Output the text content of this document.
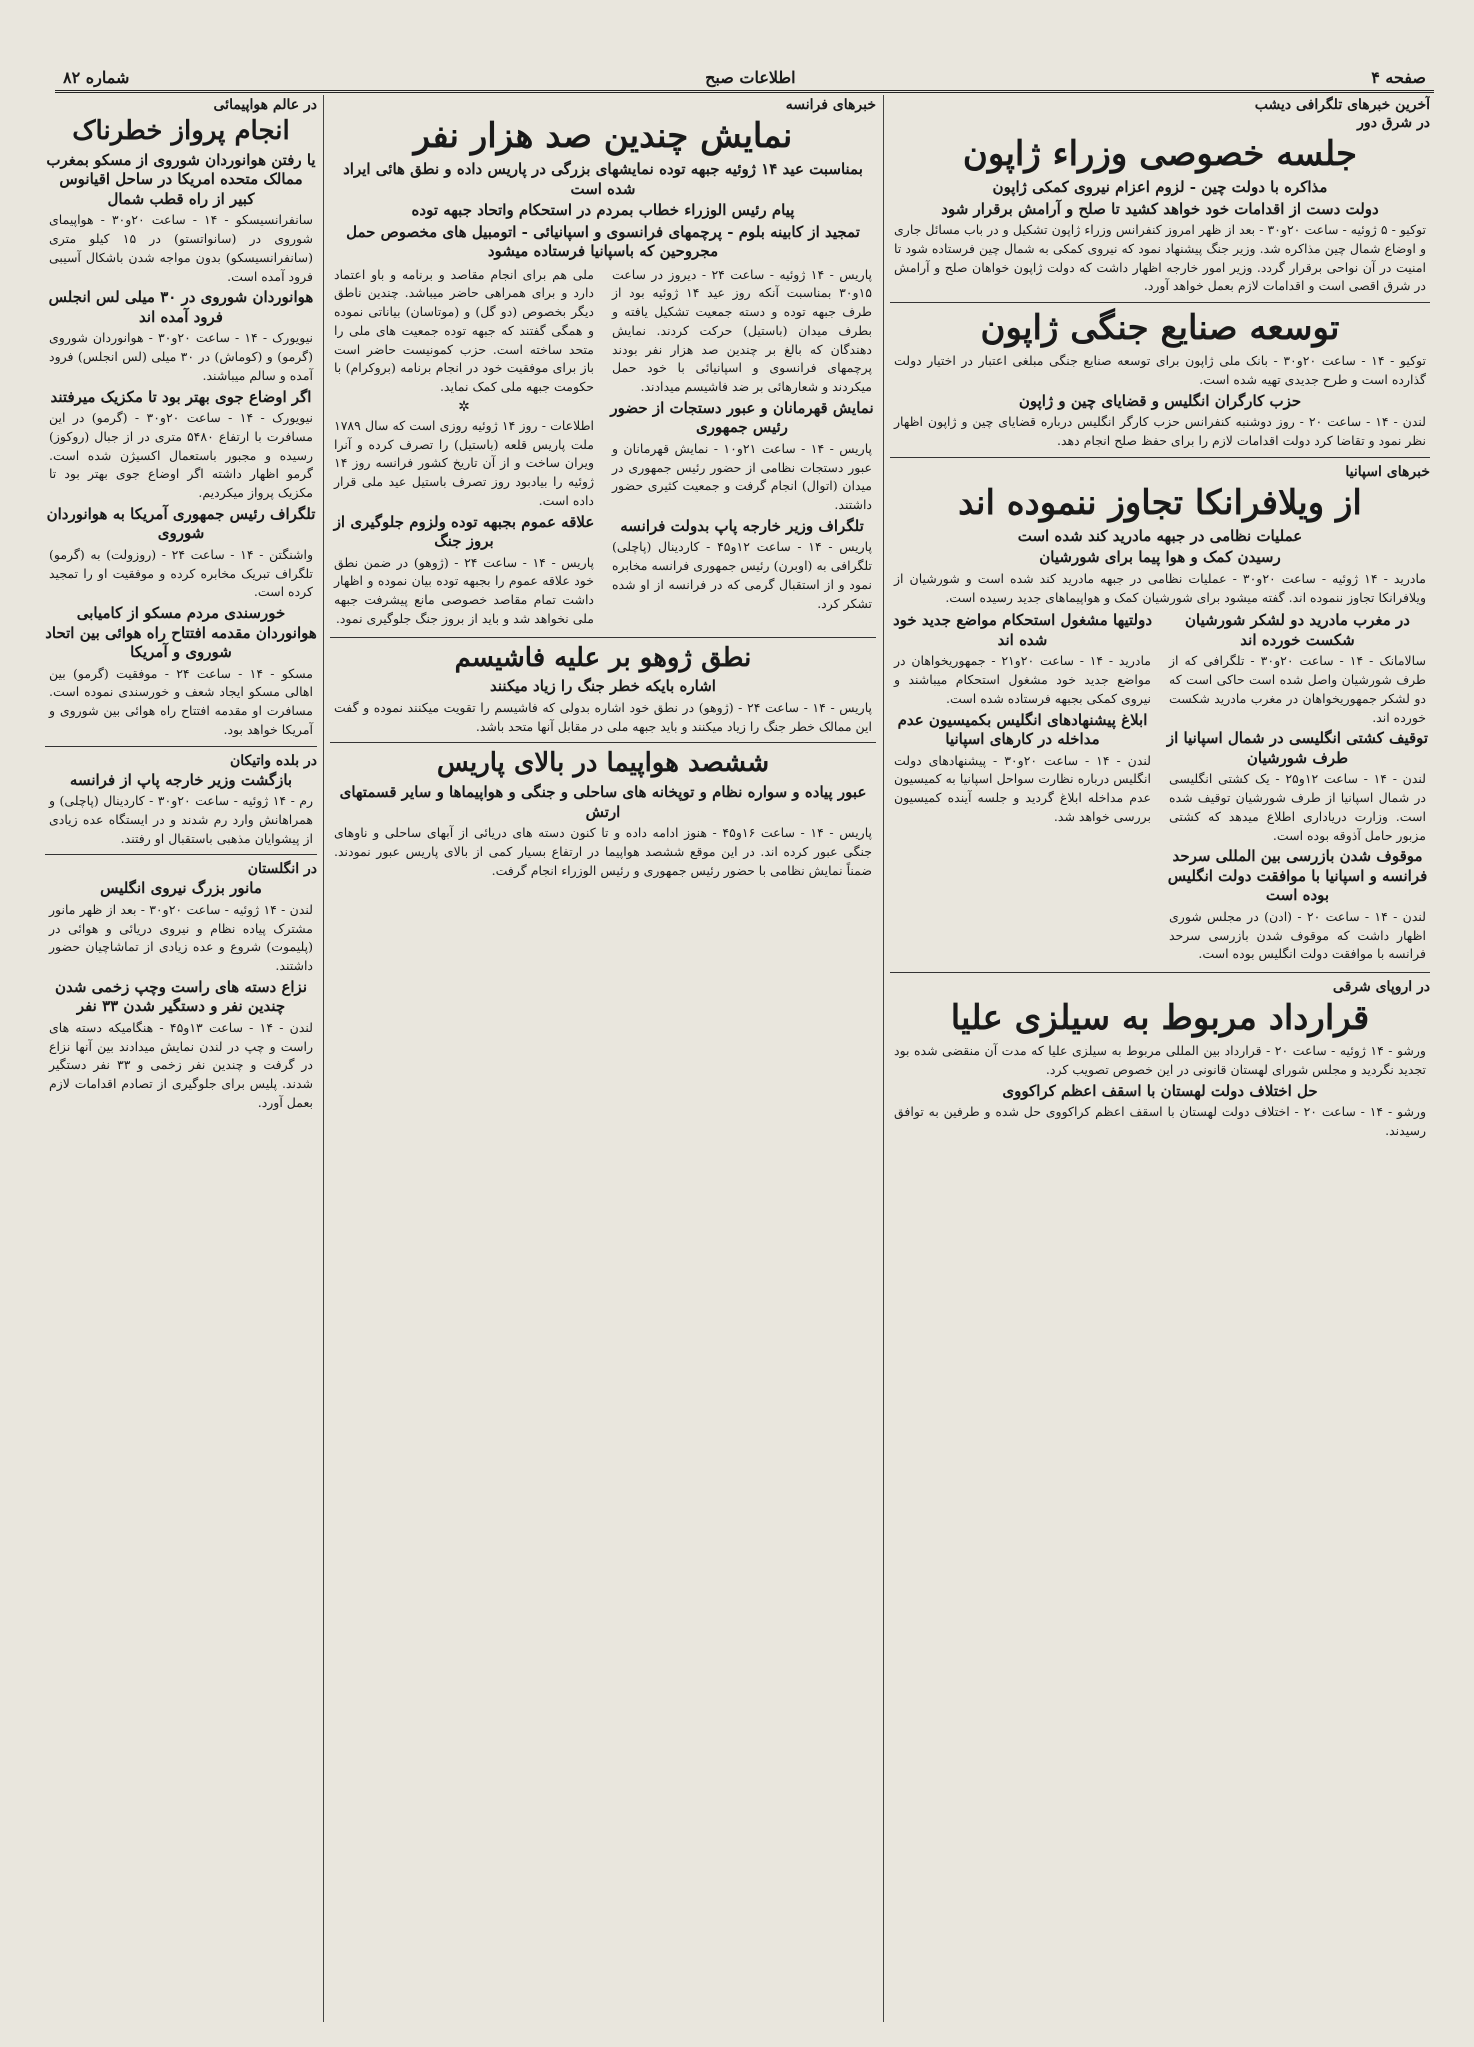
صفحه ۴
اطلاعات صبح
شماره ۸۲
آخرین خبرهای تلگرافی دیشب
در شرق دور
جلسه خصوصی وزراء ژاپون
مذاکره با دولت چین - لزوم اعزام نیروی کمکی ژاپون
دولت دست از اقدامات خود خواهد کشید تا صلح و آرامش برقرار شود
توکیو - ۵ ژوئیه - ساعت ۲۰و۳۰ - بعد از ظهر امروز کنفرانس وزراء ژاپون تشکیل و در باب مسائل جاری و اوضاع شمال چین مذاکره شد. وزیر جنگ پیشنهاد نمود که نیروی کمکی به شمال چین فرستاده شود تا امنیت در آن نواحی برقرار گردد. وزیر امور خارجه اظهار داشت که دولت ژاپون خواهان صلح و آرامش در شرق اقصی است و اقدامات لازم بعمل خواهد آورد.
توسعه صنایع جنگی ژاپون
توکیو - ۱۴ - ساعت ۲۰و۳۰ - بانک ملی ژاپون برای توسعه صنایع جنگی مبلغی اعتبار در اختیار دولت گذارده است و طرح جدیدی تهیه شده است.
حزب کارگران انگلیس و قضایای چین و ژاپون
لندن - ۱۴ - ساعت ۲۰ - روز دوشنبه کنفرانس حزب کارگر انگلیس درباره قضایای چین و ژاپون اظهار نظر نمود و تقاضا کرد دولت اقدامات لازم را برای حفظ صلح انجام دهد.
خبرهای اسپانیا
از ویلافرانکا تجاوز ننموده اند
عملیات نظامی در جبهه مادرید کند شده است
رسیدن کمک و هوا پیما برای شورشیان
مادرید - ۱۴ ژوئیه - ساعت ۲۰و۳۰ - عملیات نظامی در جبهه مادرید کند شده است و شورشیان از ویلافرانکا تجاوز ننموده اند. گفته میشود برای شورشیان کمک و هواپیماهای جدید رسیده است.
در مغرب مادرید دو لشکر شورشیان شکست خورده اند
سالامانک - ۱۴ - ساعت ۲۰و۳۰ - تلگرافی که از طرف شورشیان واصل شده است حاکی است که دو لشکر جمهوریخواهان در مغرب مادرید شکست خورده اند.
توقیف کشتی انگلیسی در شمال اسپانیا از طرف شورشیان
لندن - ۱۴ - ساعت ۱۲و۲۵ - یک کشتی انگلیسی در شمال اسپانیا از طرف شورشیان توقیف شده است. وزارت دریاداری اطلاع میدهد که کشتی مزبور حامل آذوقه بوده است.
موقوف شدن بازرسی بین المللی سرحد فرانسه و اسپانیا با موافقت دولت انگلیس بوده است
لندن - ۱۴ - ساعت ۲۰ - (ادن) در مجلس شوری اظهار داشت که موقوف شدن بازرسی سرحد فرانسه با موافقت دولت انگلیس بوده است.
دولتیها مشغول استحکام مواضع جدید خود شده اند
مادرید - ۱۴ - ساعت ۲۰و۲۱ - جمهوریخواهان در مواضع جدید خود مشغول استحکام میباشند و نیروی کمکی بجبهه فرستاده شده است.
ابلاغ پیشنهادهای انگلیس بکمیسیون عدم مداخله در کارهای اسپانیا
لندن - ۱۴ - ساعت ۲۰و۳۰ - پیشنهادهای دولت انگلیس درباره نظارت سواحل اسپانیا به کمیسیون عدم مداخله ابلاغ گردید و جلسه آینده کمیسیون بررسی خواهد شد.
در اروپای شرقی
قرارداد مربوط به سیلزی علیا
ورشو - ۱۴ ژوئیه - ساعت ۲۰ - قرارداد بین المللی مربوط به سیلزی علیا که مدت آن منقضی شده بود تجدید نگردید و مجلس شورای لهستان قانونی در این خصوص تصویب کرد.
حل اختلاف دولت لهستان با اسقف اعظم کراکووی
ورشو - ۱۴ - ساعت ۲۰ - اختلاف دولت لهستان با اسقف اعظم کراکووی حل شده و طرفین به توافق رسیدند.
خبرهای فرانسه
نمایش چندین صد هزار نفر
بمناسبت عید ۱۴ ژوئیه جبهه توده نمایشهای بزرگی در پاریس داده و نطق هائی ایراد شده است
پیام رئیس الوزراء خطاب بمردم در استحکام واتحاد جبهه توده
تمجید از کابینه بلوم - پرچمهای فرانسوی و اسپانیائی - اتومبیل های مخصوص حمل مجروحین که باسپانیا فرستاده میشود
پاریس - ۱۴ ژوئیه - ساعت ۲۴ - دیروز در ساعت ۱۵و۳۰ بمناسبت آنکه روز عید ۱۴ ژوئیه بود از طرف جبهه توده و دسته جمعیت تشکیل یافته و بطرف میدان (باستیل) حرکت کردند. نمایش دهندگان که بالغ بر چندین صد هزار نفر بودند پرچمهای فرانسوی و اسپانیائی با خود حمل میکردند و شعارهائی بر ضد فاشیسم میدادند.
نمایش قهرمانان و عبور دستجات از حضور رئیس جمهوری
پاریس - ۱۴ - ساعت ۲۱و۱۰ - نمایش قهرمانان و عبور دستجات نظامی از حضور رئیس جمهوری در میدان (اتوال) انجام گرفت و جمعیت کثیری حضور داشتند.
تلگراف وزیر خارجه پاپ بدولت فرانسه
پاریس - ۱۴ - ساعت ۱۲و۴۵ - کاردینال (پاچلی) تلگرافی به (اوبرن) رئیس جمهوری فرانسه مخابره نمود و از استقبال گرمی که در فرانسه از او شده تشکر کرد.
ملی هم برای انجام مقاصد و برنامه و باو اعتماد دارد و برای همراهی حاضر میباشد. چندین ناطق دیگر بخصوص (دو گل) و (موتاسان) بیاناتی نموده و همگی گفتند که جبهه توده جمعیت های ملی را متحد ساخته است. حزب کمونیست حاضر است باز برای موفقیت خود در انجام برنامه (بروکرام) با حکومت جبهه ملی کمک نماید.
✲
اطلاعات - روز ۱۴ ژوئیه روزی است که سال ۱۷۸۹ ملت پاریس قلعه (باستیل) را تصرف کرده و آنرا ویران ساخت و از آن تاریخ کشور فرانسه روز ۱۴ ژوئیه را بیادبود روز تصرف باستیل عید ملی قرار داده است.
علاقه عموم بجبهه توده ولزوم جلوگیری از بروز جنگ
پاریس - ۱۴ - ساعت ۲۴ - (ژوهو) در ضمن نطق خود علاقه عموم را بجبهه توده بیان نموده و اظهار داشت تمام مقاصد خصوصی مانع پیشرفت جبهه ملی نخواهد شد و باید از بروز جنگ جلوگیری نمود.
نطق ژوهو بر علیه فاشیسم
اشاره بایکه خطر جنگ را زیاد میکنند
پاریس - ۱۴ - ساعت ۲۴ - (ژوهو) در نطق خود اشاره بدولی که فاشیسم را تقویت میکنند نموده و گفت این ممالک خطر جنگ را زیاد میکنند و باید جبهه ملی در مقابل آنها متحد باشد.
ششصد هواپیما در بالای پاریس
عبور پیاده و سواره نظام و توپخانه های ساحلی و جنگی و هواپیماها و سایر قسمتهای ارتش
پاریس - ۱۴ - ساعت ۱۶و۴۵ - هنوز ادامه داده و تا کنون دسته های دریائی از آبهای ساحلی و ناوهای جنگی عبور کرده اند. در این موقع ششصد هواپیما در ارتفاع بسیار کمی از بالای پاریس عبور نمودند. ضمناً نمایش نظامی با حضور رئیس جمهوری و رئیس الوزراء انجام گرفت.
در عالم هواپیمائی
انجام پرواز خطرناک
یا رفتن هوانوردان شوروی از مسکو بمغرب ممالک متحده امریکا در ساحل اقیانوس کبیر از راه قطب شمال
سانفرانسیسکو - ۱۴ - ساعت ۲۰و۳۰ - هواپیمای شوروی در (سانواتستو) در ۱۵ کیلو متری (سانفرانسیسکو) بدون مواجه شدن باشکال آسیبی فرود آمده است.
هوانوردان شوروی در ۳۰ میلی لس انجلس فرود آمده اند
نیویورک - ۱۴ - ساعت ۲۰و۳۰ - هوانوردان شوروی (گرمو) و (کوماش) در ۳۰ میلی (لس انجلس) فرود آمده و سالم میباشند.
اگر اوضاع جوی بهتر بود تا مکزیک میرفتند
نیویورک - ۱۴ - ساعت ۲۰و۳۰ - (گرمو) در این مسافرت با ارتفاع ۵۴۸۰ متری در از جبال (روکوز) رسیده و مجبور باستعمال اکسیژن شده است. گرمو اظهار داشته اگر اوضاع جوی بهتر بود تا مکزیک پرواز میکردیم.
تلگراف رئیس جمهوری آمریکا به هوانوردان شوروی
واشنگتن - ۱۴ - ساعت ۲۴ - (روزولت) به (گرمو) تلگراف تبریک مخابره کرده و موفقیت او را تمجید کرده است.
خورسندی مردم مسکو از کامیابی هوانوردان مقدمه افتتاح راه هوائی بین اتحاد شوروی و آمریکا
مسکو - ۱۴ - ساعت ۲۴ - موفقیت (گرمو) بین اهالی مسکو ایجاد شعف و خورسندی نموده است. مسافرت او مقدمه افتتاح راه هوائی بین شوروی و آمریکا خواهد بود.
در بلده واتیکان
بازگشت وزیر خارجه پاپ از فرانسه
رم - ۱۴ ژوئیه - ساعت ۲۰و۳۰ - کاردینال (پاچلی) و همراهانش وارد رم شدند و در ایستگاه عده زیادی از پیشوایان مذهبی باستقبال او رفتند.
در انگلستان
مانور بزرگ نیروی انگلیس
لندن - ۱۴ ژوئیه - ساعت ۲۰و۳۰ - بعد از ظهر مانور مشترک پیاده نظام و نیروی دریائی و هوائی در (پلیموت) شروع و عده زیادی از تماشاچیان حضور داشتند.
نزاع دسته های راست وچپ زخمی شدن چندین نفر و دستگیر شدن ۳۳ نفر
لندن - ۱۴ - ساعت ۱۳و۴۵ - هنگامیکه دسته های راست و چپ در لندن نمایش میدادند بین آنها نزاع در گرفت و چندین نفر زخمی و ۳۳ نفر دستگیر شدند. پلیس برای جلوگیری از تصادم اقدامات لازم بعمل آورد.
